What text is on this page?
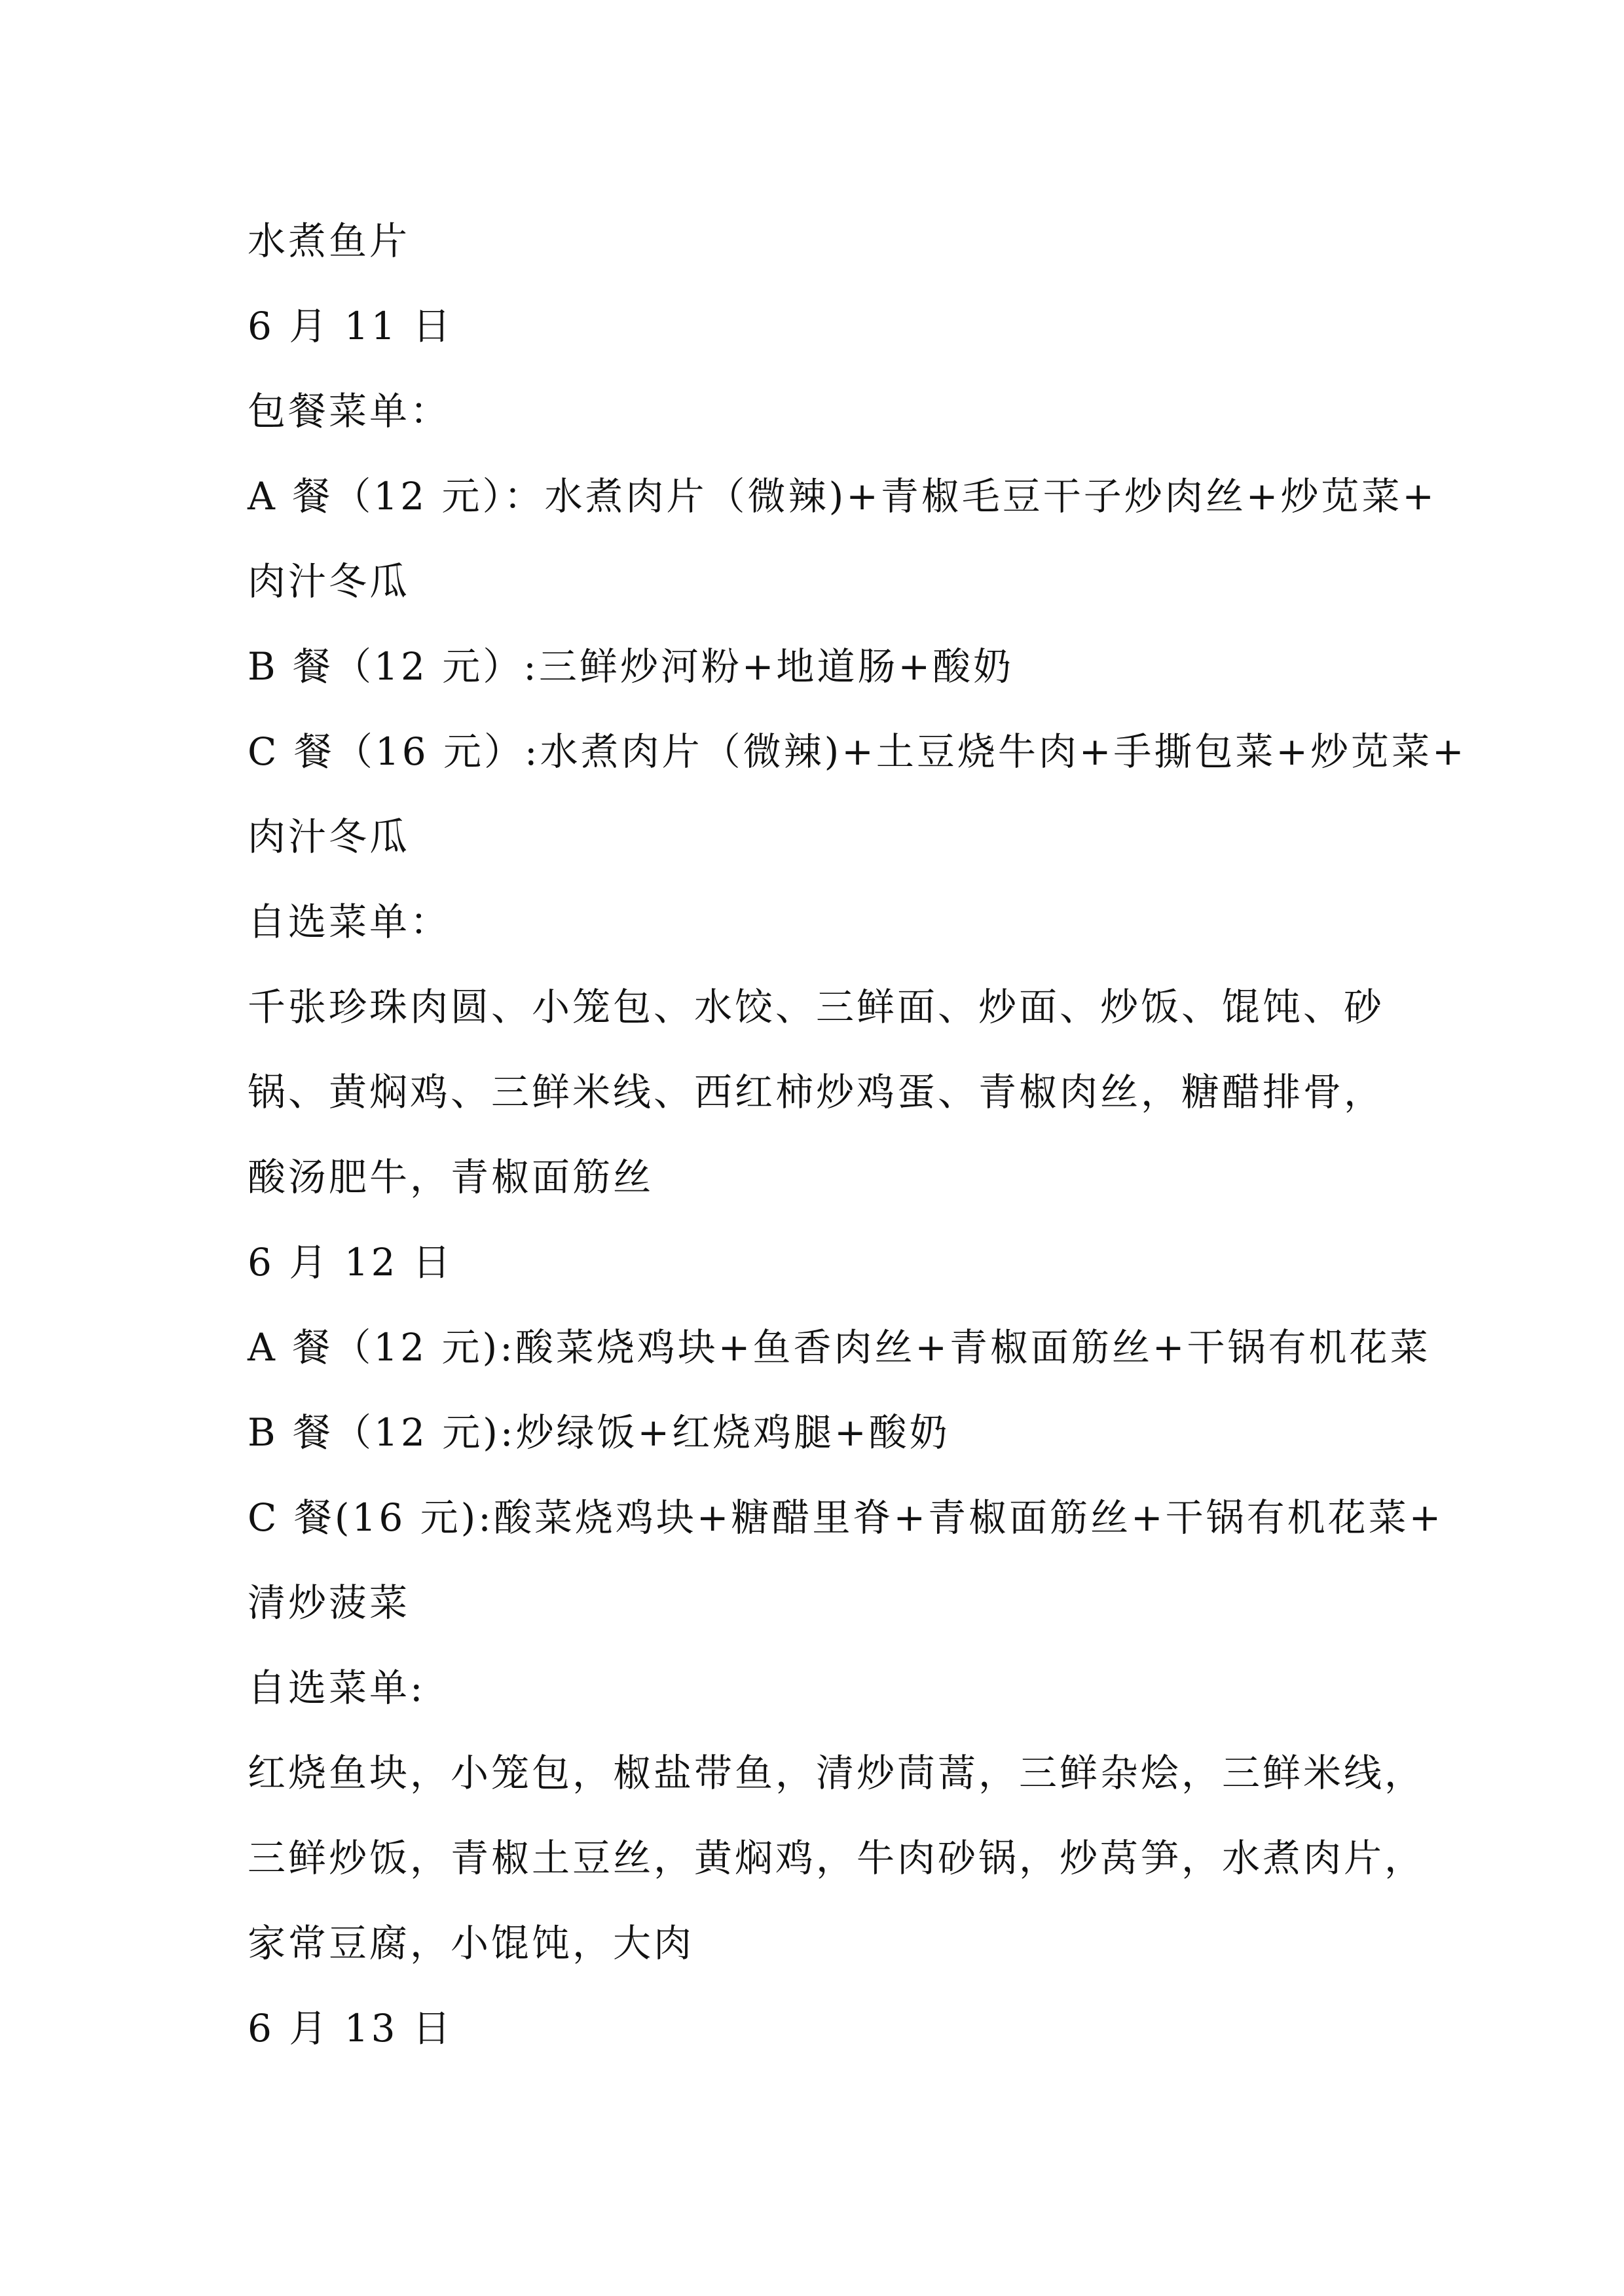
水煮鱼片
6 月 11 日
包餐菜单：
A 餐（12 元）：水煮肉片（微辣)+青椒毛豆干子炒肉丝+炒苋菜+
肉汁冬瓜
B 餐（12 元）:三鲜炒河粉+地道肠+酸奶
C 餐（16 元）:水煮肉片（微辣)+土豆烧牛肉+手撕包菜+炒苋菜+
肉汁冬瓜
自选菜单：
千张珍珠肉圆、小笼包、水饺、三鲜面、炒面、炒饭、馄饨、砂
锅、黄焖鸡、三鲜米线、西红柿炒鸡蛋、青椒肉丝，糖醋排骨，
酸汤肥牛，青椒面筋丝
6 月 12 日
A 餐（12 元):酸菜烧鸡块+鱼香肉丝+青椒面筋丝+干锅有机花菜
B 餐（12 元):炒绿饭+红烧鸡腿+酸奶
C 餐(16 元):酸菜烧鸡块+糖醋里脊+青椒面筋丝+干锅有机花菜+
清炒菠菜
自选菜单:
红烧鱼块，小笼包，椒盐带鱼，清炒茼蒿，三鲜杂烩，三鲜米线，
三鲜炒饭，青椒土豆丝，黄焖鸡，牛肉砂锅，炒莴笋，水煮肉片，
家常豆腐，小馄饨，大肉
6 月 13 日
